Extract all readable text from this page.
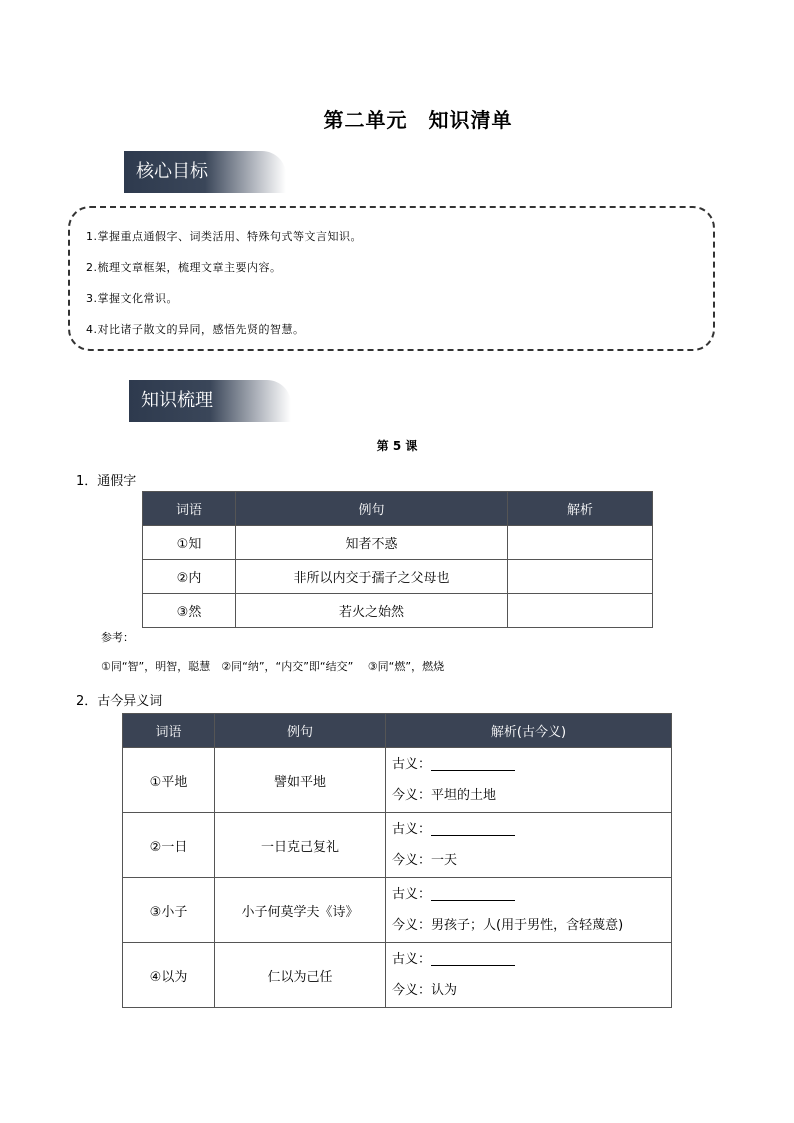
第二单元　知识清单
核心目标
1.掌握重点通假字、词类活用、特殊句式等文言知识。
2.梳理文章框架，梳理文章主要内容。
3.掌握文化常识。
4.对比诸子散文的异同，感悟先贤的智慧。
知识梳理
第 5 课
1．通假字
词语	例句	解析
①知	知者不惑	
②内	非所以内交于孺子之父母也	
③然	若火之始然	
参考：
①同“智”，明智，聪慧　②同“纳”，“内交”即“结交”　 ③同“燃”，燃烧
2．古今异义词
词语	例句	解析(古今义)
①平地	譬如平地	古义：
今义：平坦的土地

②一日	一日克己复礼	古义：
今义：一天

③小子	小子何莫学夫《诗》	古义：
今义：男孩子；人(用于男性，含轻蔑意)

④以为	仁以为己任	古义：
今义：认为
